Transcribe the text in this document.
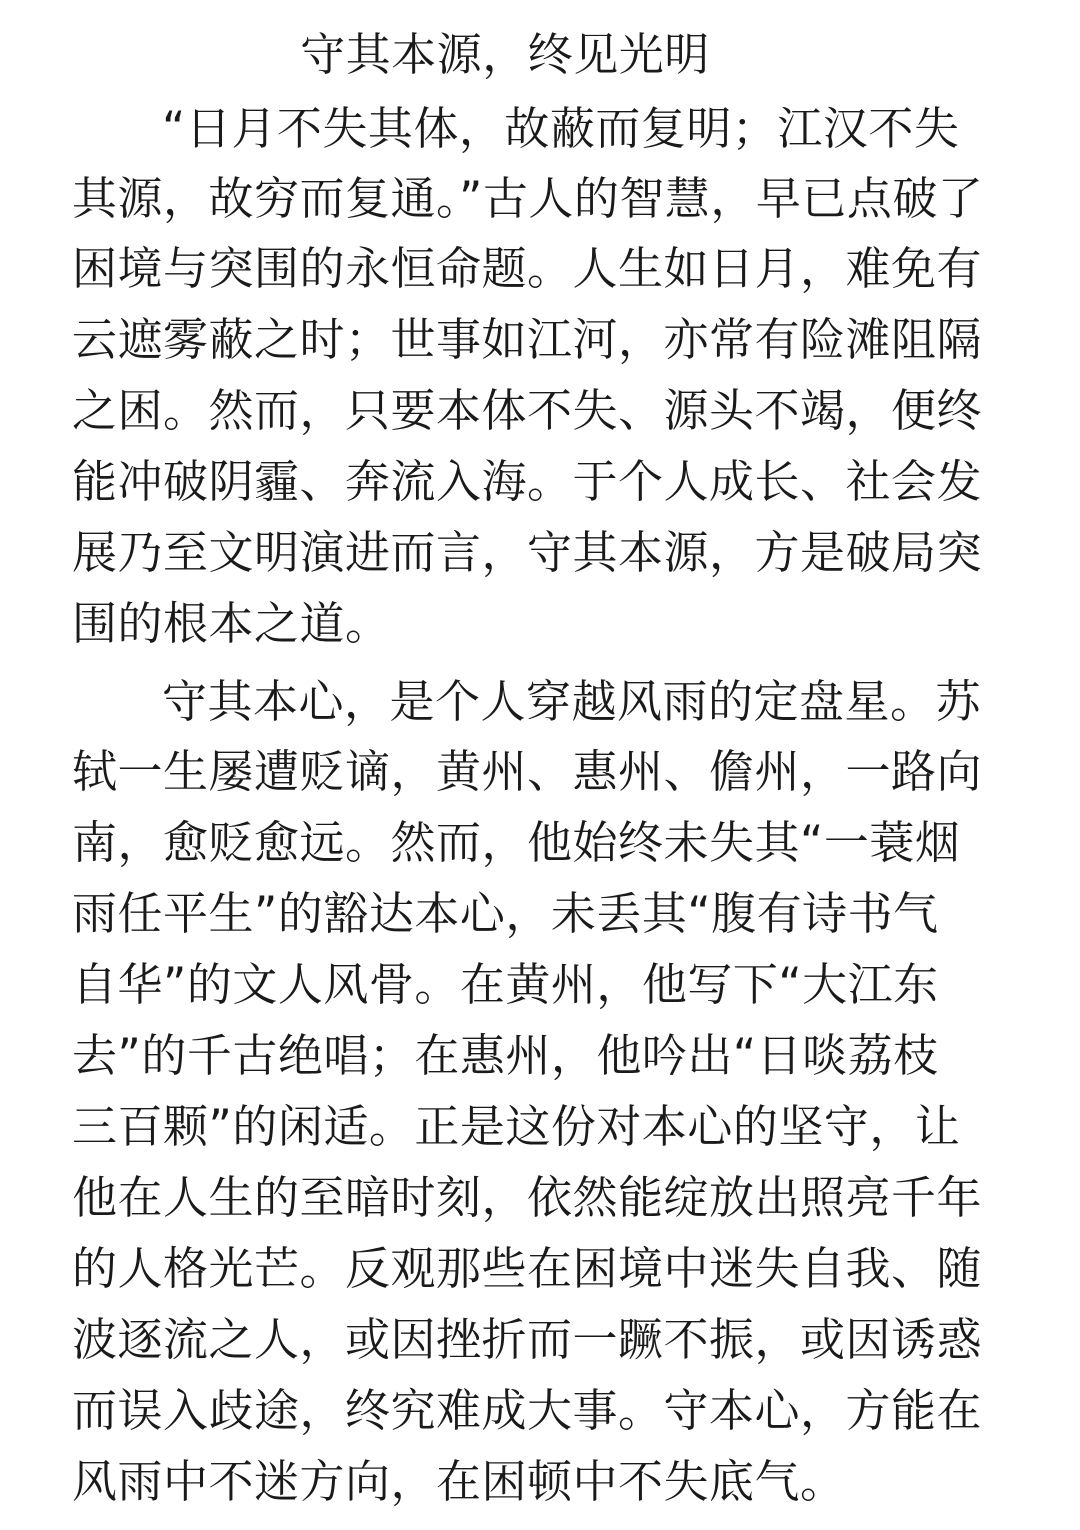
守其本源，终见光明
“日月不失其体，故蔽而复明；江汉不失
其源，故穷而复通。”古人的智慧，早已点破了
困境与突围的永恒命题。人生如日月，难免有
云遮雾蔽之时；世事如江河，亦常有险滩阻隔
之困。然而，只要本体不失、源头不竭，便终
能冲破阴霾、奔流入海。于个人成长、社会发
展乃至文明演进而言，守其本源，方是破局突
围的根本之道。
守其本心，是个人穿越风雨的定盘星。苏
轼一生屡遭贬谪，黄州、惠州、儋州，一路向
南，愈贬愈远。然而，他始终未失其“一蓑烟
雨任平生”的豁达本心，未丢其“腹有诗书气
自华”的文人风骨。在黄州，他写下“大江东
去”的千古绝唱；在惠州，他吟出“日啖荔枝
三百颗”的闲适。正是这份对本心的坚守，让
他在人生的至暗时刻，依然能绽放出照亮千年
的人格光芒。反观那些在困境中迷失自我、随
波逐流之人，或因挫折而一蹶不振，或因诱惑
而误入歧途，终究难成大事。守本心，方能在
风雨中不迷方向，在困顿中不失底气。
